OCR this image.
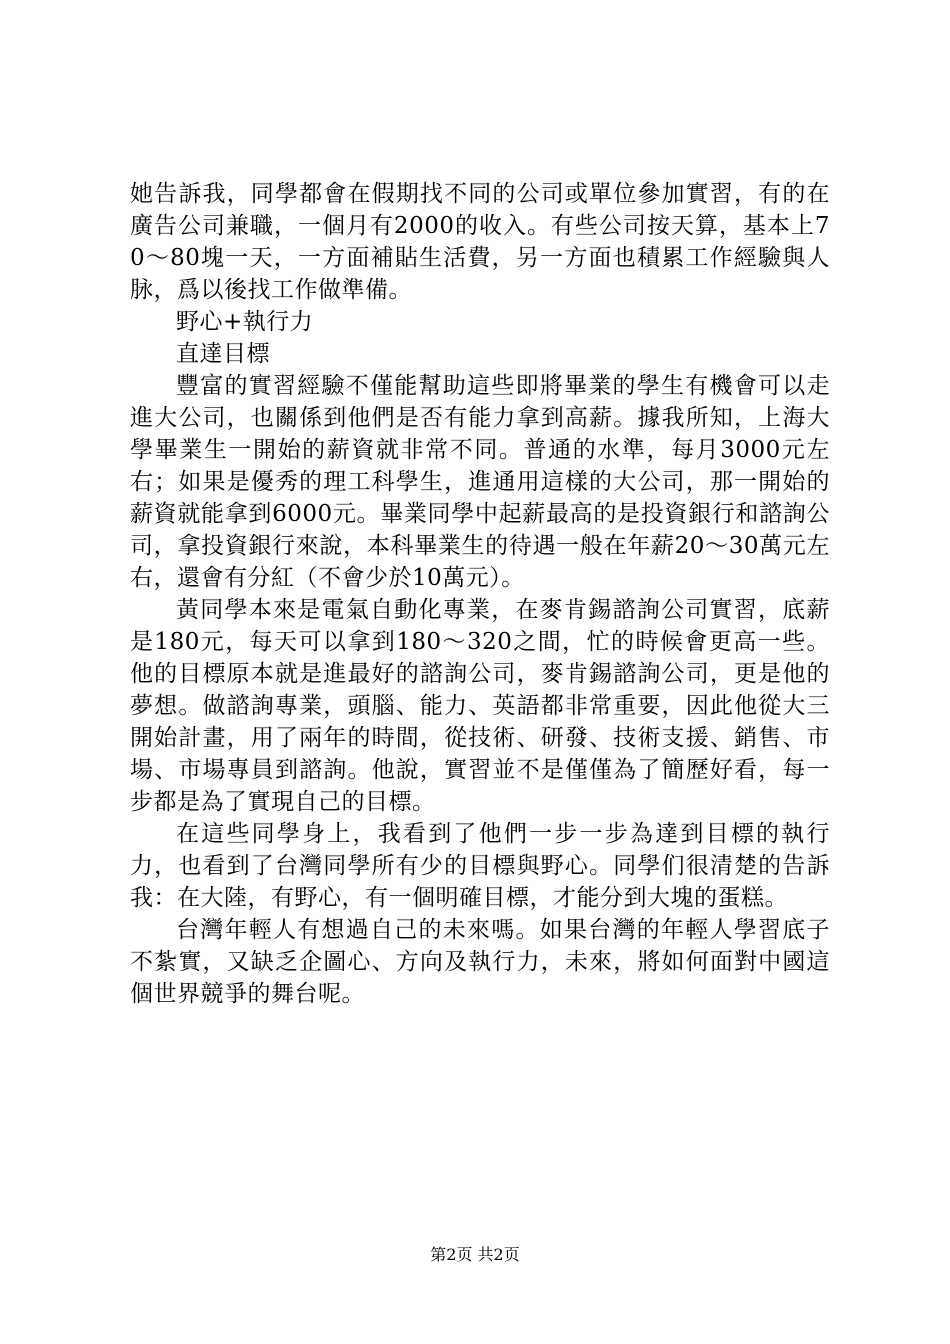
她告訴我，同學都會在假期找不同的公司或單位參加實習，有的在廣告公司兼職，一個月有2000的收入。有些公司按天算，基本上70～80塊一天，一方面補貼生活費，另一方面也積累工作經驗與人脉，爲以後找工作做準備。

野心+執行力

直達目標

豐富的實習經驗不僅能幫助這些即將畢業的學生有機會可以走進大公司，也關係到他們是否有能力拿到高薪。據我所知，上海大學畢業生一開始的薪資就非常不同。普通的水準，每月3000元左右；如果是優秀的理工科學生，進通用這樣的大公司，那一開始的薪資就能拿到6000元。畢業同學中起薪最高的是投資銀行和諮詢公司，拿投資銀行來說，本科畢業生的待遇一般在年薪20～30萬元左右，還會有分紅（不會少於10萬元）。

黃同學本來是電氣自動化專業，在麥肯錫諮詢公司實習，底薪是180元，每天可以拿到180～320之間，忙的時候會更高一些。他的目標原本就是進最好的諮詢公司，麥肯錫諮詢公司，更是他的夢想。做諮詢專業，頭腦、能力、英語都非常重要，因此他從大三開始計畫，用了兩年的時間，從技術、研發、技術支援、銷售、市場、市場專員到諮詢。他說，實習並不是僅僅為了簡歷好看，每一步都是為了實現自己的目標。

在這些同學身上，我看到了他們一步一步為達到目標的執行力，也看到了台灣同學所有少的目標與野心。同學们很清楚的告訴我：在大陸，有野心，有一個明確目標，才能分到大塊的蛋糕。

台灣年輕人有想過自己的未來嗎。如果台灣的年輕人學習底子不紮實，又缺乏企圖心、方向及執行力，未來，將如何面對中國這個世界競爭的舞台呢。

第2页 共2页
